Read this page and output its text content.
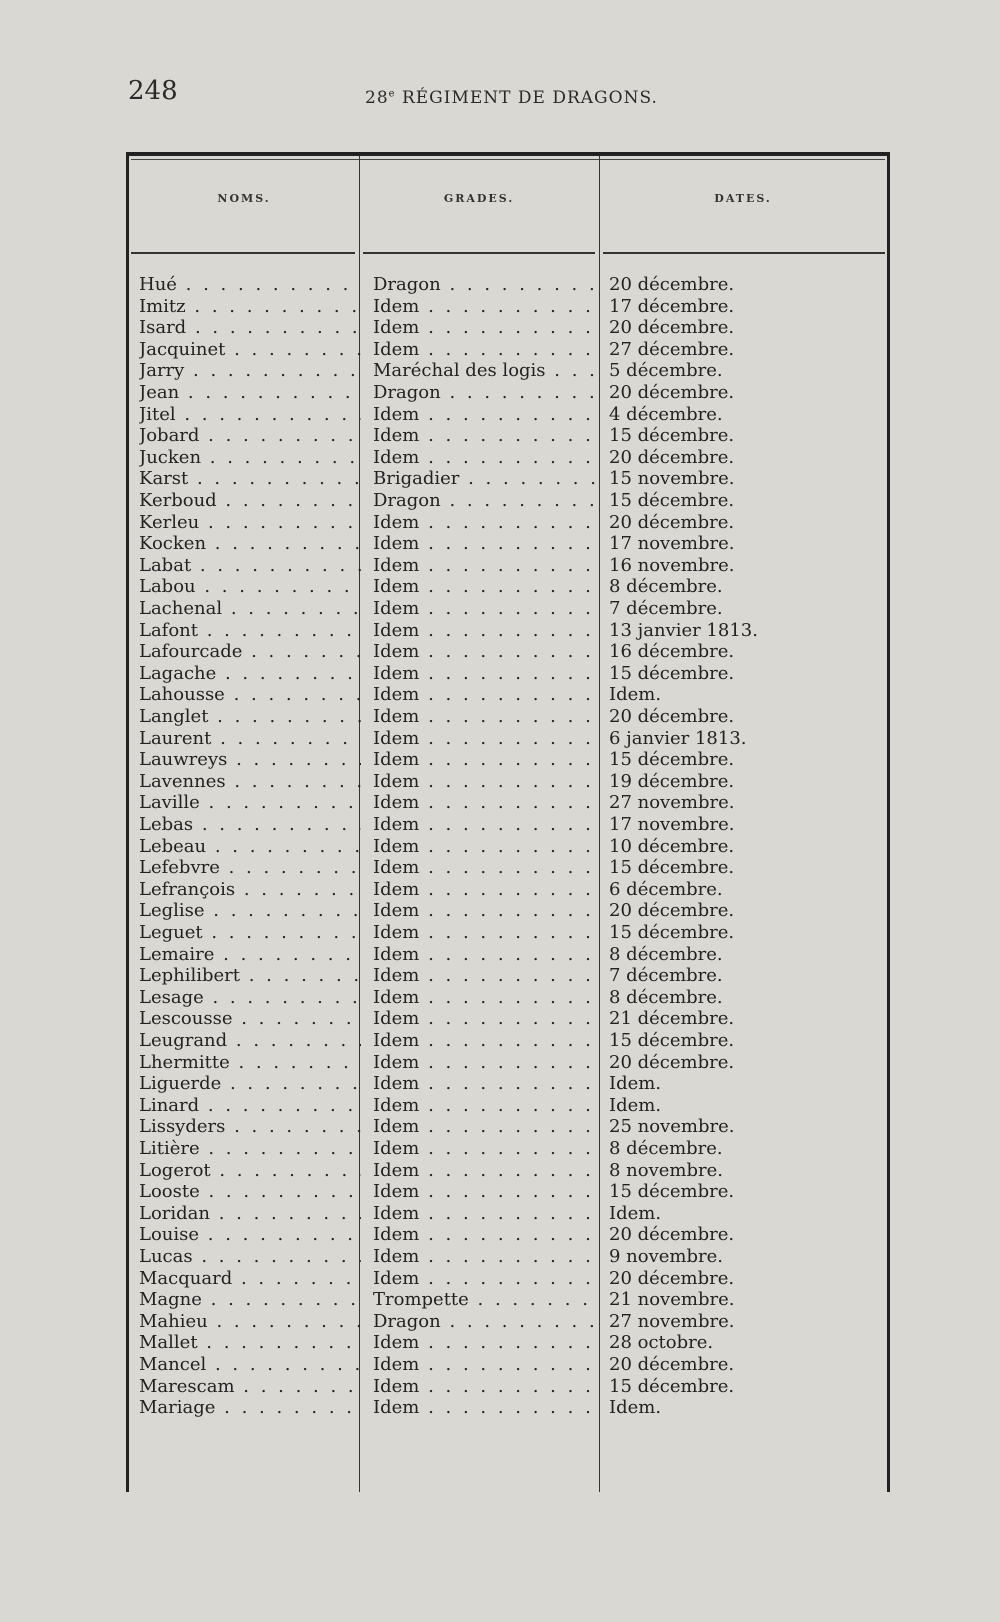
248	28e RÉGIMENT DE DRAGONS.
NOMS.	GRADES.	DATES.
Hué . . .	Dragon . . .	20 décembre.
Imitz . . .	Idem . . .	17 décembre.
Isard . . .	Idem . . .	20 décembre.
Jacquinet . . .	Idem . . .	27 décembre.
Jarry . . .	Maréchal des logis . . .	5 décembre.
Jean . . .	Dragon . . .	20 décembre.
Jitel . . .	Idem . . .	4 décembre.
Jobard . . .	Idem . . .	15 décembre.
Jucken . . .	Idem . . .	20 décembre.
Karst . . .	Brigadier . . .	15 novembre.
Kerboud . . .	Dragon . . .	15 décembre.
Kerleu . . .	Idem . . .	20 décembre.
Kocken . . .	Idem . . .	17 novembre.
Labat . . .	Idem . . .	16 novembre.
Labou . . .	Idem . . .	8 décembre.
Lachenal . . .	Idem . . .	7 décembre.
Lafont . . .	Idem . . .	13 janvier 1813.
Lafourcade . . .	Idem . . .	16 décembre.
Lagache . . .	Idem . . .	15 décembre.
Lahousse . . .	Idem . . .	Idem.
Langlet . . .	Idem . . .	20 décembre.
Laurent . . .	Idem . . .	6 janvier 1813.
Lauwreys . . .	Idem . . .	15 décembre.
Lavennes . . .	Idem . . .	19 décembre.
Laville . . .	Idem . . .	27 novembre.
Lebas . . .	Idem . . .	17 novembre.
Lebeau . . .	Idem . . .	10 décembre.
Lefebvre . . .	Idem . . .	15 décembre.
Lefrançois . . .	Idem . . .	6 décembre.
Leglise . . .	Idem . . .	20 décembre.
Leguet . . .	Idem . . .	15 décembre.
Lemaire . . .	Idem . . .	8 décembre.
Lephilibert . . .	Idem . . .	7 décembre.
Lesage . . .	Idem . . .	8 décembre.
Lescousse . . .	Idem . . .	21 décembre.
Leugrand . . .	Idem . . .	15 décembre.
Lhermitte . . .	Idem . . .	20 décembre.
Liguerde . . .	Idem . . .	Idem.
Linard . . .	Idem . . .	Idem.
Lissyders . . .	Idem . . .	25 novembre.
Litière . . .	Idem . . .	8 décembre.
Logerot . . .	Idem . . .	8 novembre.
Looste . . .	Idem . . .	15 décembre.
Loridan . . .	Idem . . .	Idem.
Louise . . .	Idem . . .	20 décembre.
Lucas . . .	Idem . . .	9 novembre.
Macquard . . .	Idem . . .	20 décembre.
Magne . . .	Trompette . . .	21 novembre.
Mahieu . . .	Dragon . . .	27 novembre.
Mallet . . .	Idem . . .	28 octobre.
Mancel . . .	Idem . . .	20 décembre.
Marescam . . .	Idem . . .	15 décembre.
Mariage . . .	Idem . . .	Idem.
